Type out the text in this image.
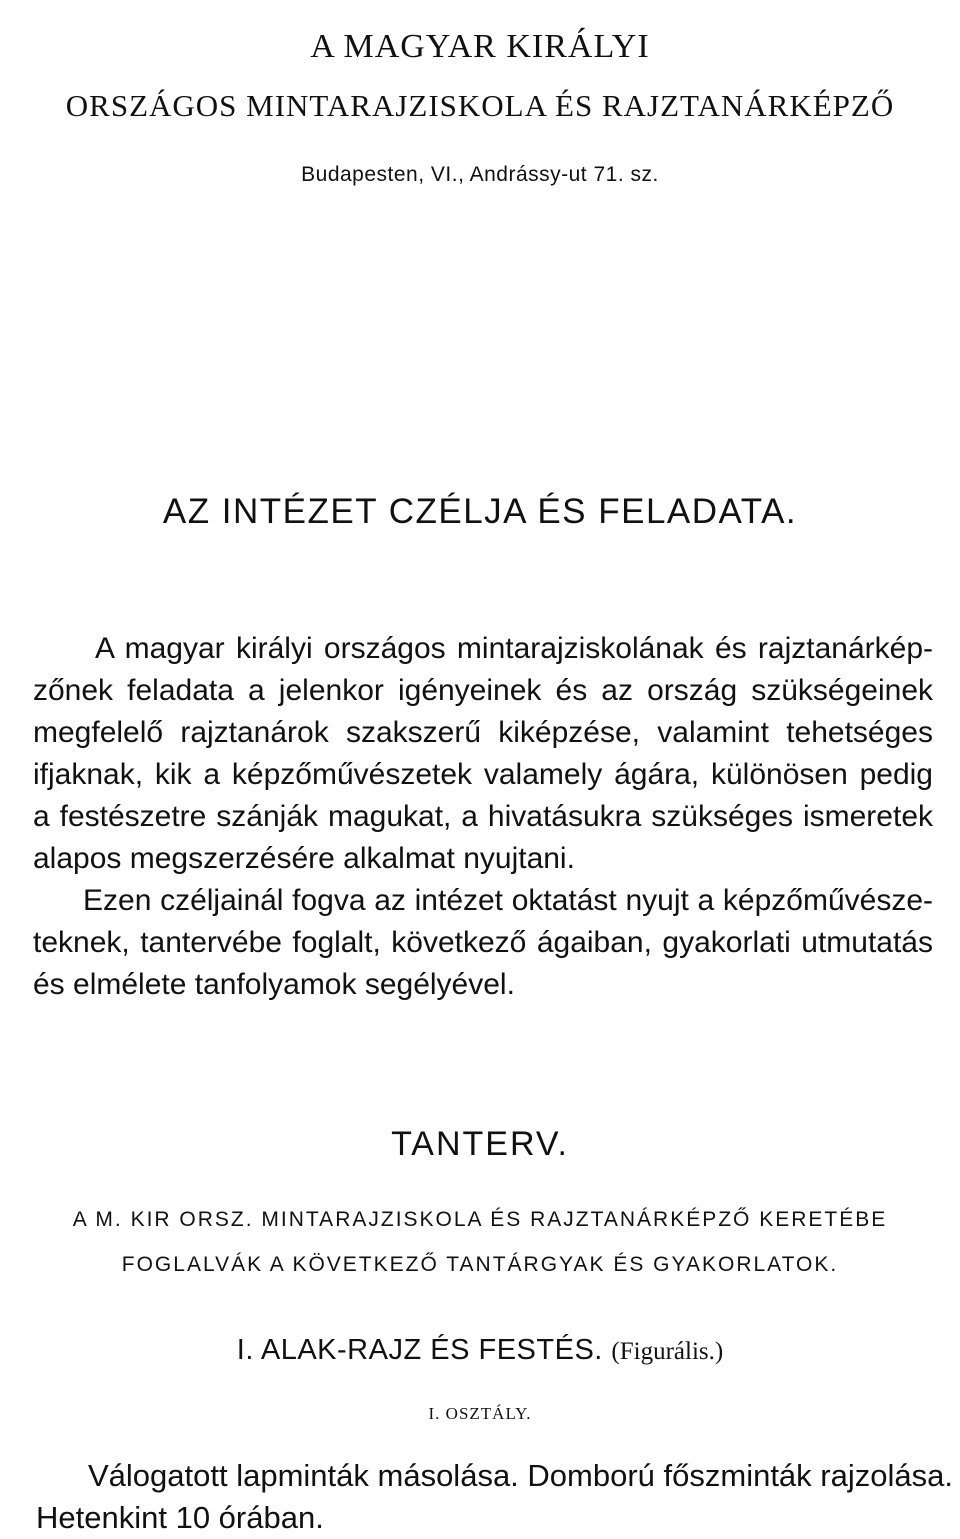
A MAGYAR KIRÁLYI
ORSZÁGOS MINTARAJZISKOLA ÉS RAJZTANÁRKÉPZŐ
Budapesten, VI., Andrássy-ut 71. sz.
AZ INTÉZET CZÉLJA ÉS FELADATA.
A magyar királyi országos mintarajziskolának és rajztanárkép-
zőnek feladata a jelenkor igényeinek és az ország szükségeinek
megfelelő rajztanárok szakszerű kiképzése, valamint tehetséges
ifjaknak, kik a képzőművészetek valamely ágára, különösen pedig
a festészetre szánják magukat, a hivatásukra szükséges ismeretek
alapos megszerzésére alkalmat nyujtani.
Ezen czéljainál fogva az intézet oktatást nyujt a képzőművésze-
teknek, tantervébe foglalt, következő ágaiban, gyakorlati utmutatás
és elmélete tanfolyamok segélyével.
TANTERV.
A M. KIR ORSZ. MINTARAJZISKOLA ÉS RAJZTANÁRKÉPZŐ KERETÉBE
FOGLALVÁK A KÖVETKEZŐ TANTÁRGYAK ÉS GYAKORLATOK.
I. ALAK-RAJZ ÉS FESTÉS. (Figurális.)
I. OSZTÁLY.
Válogatott lapminták másolása. Domború főszminták rajzolása.
Hetenkint 10 órában.
